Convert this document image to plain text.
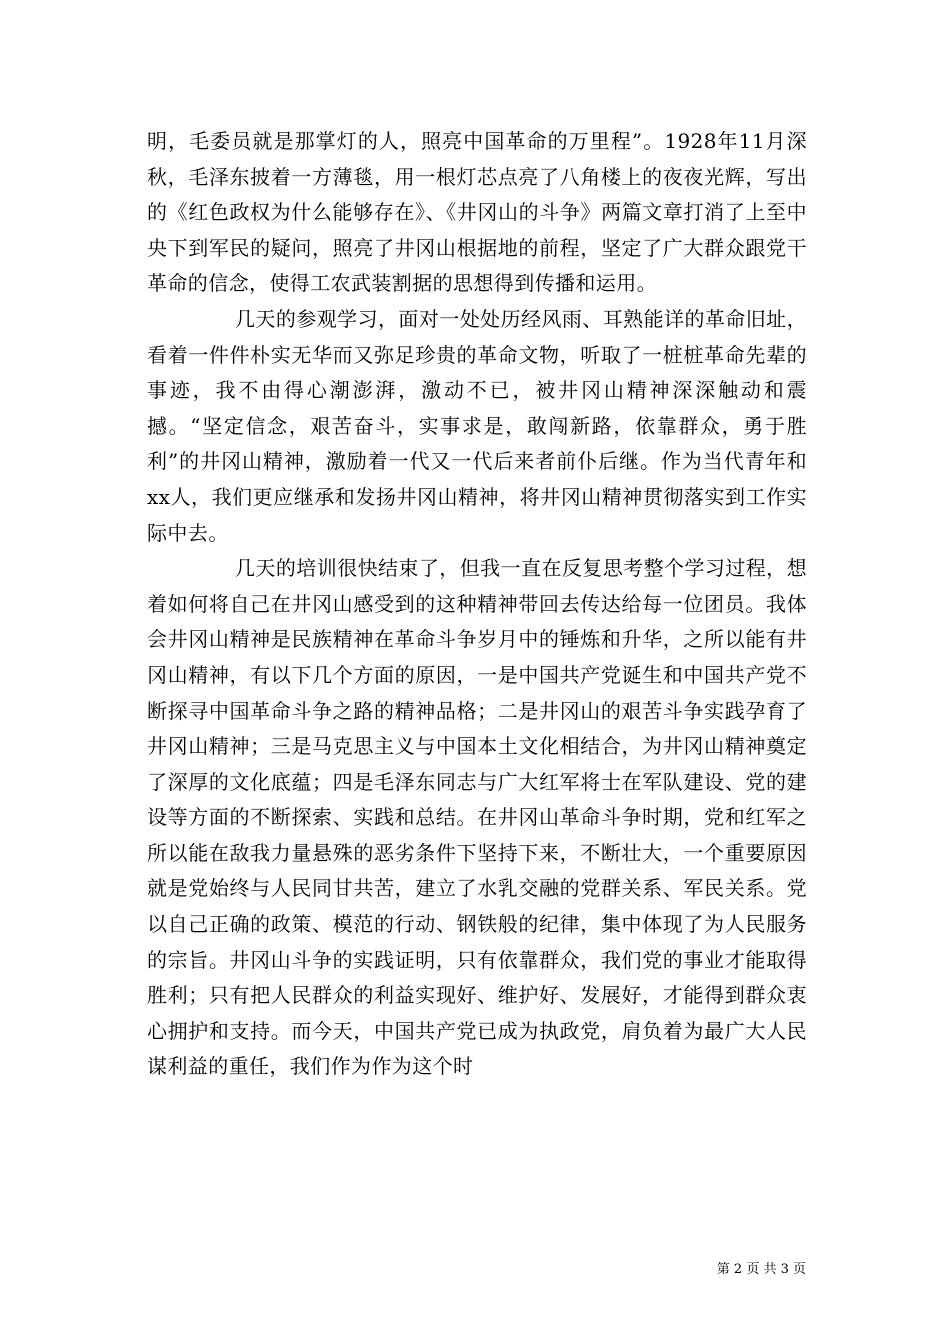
明，毛委员就是那掌灯的人，照亮中国革命的万里程”。1928年11月深秋，毛泽东披着一方薄毯，用一根灯芯点亮了八角楼上的夜夜光辉，写出的《红色政权为什么能够存在》、《井冈山的斗争》两篇文章打消了上至中央下到军民的疑问，照亮了井冈山根据地的前程，坚定了广大群众跟党干革命的信念，使得工农武装割据的思想得到传播和运用。

几天的参观学习，面对一处处历经风雨、耳熟能详的革命旧址，看着一件件朴实无华而又弥足珍贵的革命文物，听取了一桩桩革命先辈的事迹，我不由得心潮澎湃，激动不已，被井冈山精神深深触动和震撼。“坚定信念，艰苦奋斗，实事求是，敢闯新路，依靠群众，勇于胜利”的井冈山精神，激励着一代又一代后来者前仆后继。作为当代青年和xx人，我们更应继承和发扬井冈山精神，将井冈山精神贯彻落实到工作实际中去。

几天的培训很快结束了，但我一直在反复思考整个学习过程，想着如何将自己在井冈山感受到的这种精神带回去传达给每一位团员。我体会井冈山精神是民族精神在革命斗争岁月中的锤炼和升华，之所以能有井冈山精神，有以下几个方面的原因，一是中国共产党诞生和中国共产党不断探寻中国革命斗争之路的精神品格；二是井冈山的艰苦斗争实践孕育了井冈山精神；三是马克思主义与中国本土文化相结合，为井冈山精神奠定了深厚的文化底蕴；四是毛泽东同志与广大红军将士在军队建设、党的建设等方面的不断探索、实践和总结。在井冈山革命斗争时期，党和红军之所以能在敌我力量悬殊的恶劣条件下坚持下来，不断壮大，一个重要原因就是党始终与人民同甘共苦，建立了水乳交融的党群关系、军民关系。党以自己正确的政策、模范的行动、钢铁般的纪律，集中体现了为人民服务的宗旨。井冈山斗争的实践证明，只有依靠群众，我们党的事业才能取得胜利；只有把人民群众的利益实现好、维护好、发展好，才能得到群众衷心拥护和支持。而今天，中国共产党已成为执政党，肩负着为最广大人民谋利益的重任，我们作为作为这个时

第 2 页 共 3 页
